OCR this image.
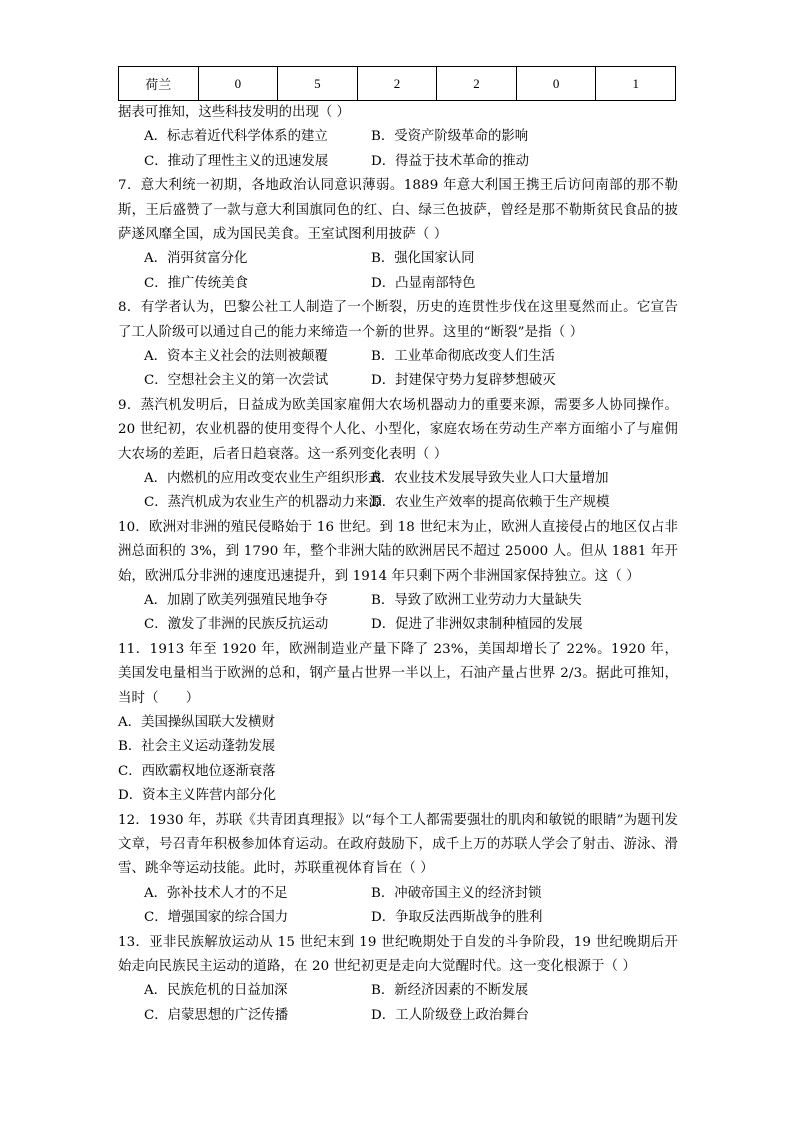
荷兰	0	5	2	2	0	1
据表可推知，这些科技发明的出现（ ）
A．标志着近代科学体系的建立	B．受资产阶级革命的影响
C．推动了理性主义的迅速发展	D．得益于技术革命的推动
7．意大利统一初期，各地政治认同意识薄弱。1889 年意大利国王携王后访问南部的那不勒斯，王后盛赞了一款与意大利国旗同色的红、白、绿三色披萨，曾经是那不勒斯贫民食品的披萨遂风靡全国，成为国民美食。王室试图利用披萨（ ）
A．消弭贫富分化	B．强化国家认同
C．推广传统美食	D．凸显南部特色
8．有学者认为，巴黎公社工人制造了一个断裂，历史的连贯性步伐在这里戛然而止。它宣告了工人阶级可以通过自己的能力来缔造一个新的世界。这里的“断裂”是指（ ）
A．资本主义社会的法则被颠覆	B．工业革命彻底改变人们生活
C．空想社会主义的第一次尝试	D．封建保守势力复辟梦想破灭
9．蒸汽机发明后，日益成为欧美国家雇佣大农场机器动力的重要来源，需要多人协同操作。20 世纪初，农业机器的使用变得个人化、小型化，家庭农场在劳动生产率方面缩小了与雇佣大农场的差距，后者日趋衰落。这一系列变化表明（ ）
A．内燃机的应用改变农业生产组织形式
B．农业技术发展导致失业人口大量增加
C．蒸汽机成为农业生产的机器动力来源
D．农业生产效率的提高依赖于生产规模
10．欧洲对非洲的殖民侵略始于 16 世纪。到 18 世纪末为止，欧洲人直接侵占的地区仅占非洲总面积的 3%，到 1790 年，整个非洲大陆的欧洲居民不超过 25000 人。但从 1881 年开始，欧洲瓜分非洲的速度迅速提升，到 1914 年只剩下两个非洲国家保持独立。这（ ）
A．加剧了欧美列强殖民地争夺	B．导致了欧洲工业劳动力大量缺失
C．激发了非洲的民族反抗运动	D．促进了非洲奴隶制种植园的发展
11．1913 年至 1920 年，欧洲制造业产量下降了 23%，美国却增长了 22%。1920 年，美国发电量相当于欧洲的总和，钢产量占世界一半以上，石油产量占世界 2/3。据此可推知，当时（　　）
A．美国操纵国联大发横财
B．社会主义运动蓬勃发展
C．西欧霸权地位逐渐衰落
D．资本主义阵营内部分化
12．1930 年，苏联《共青团真理报》以“每个工人都需要强壮的肌肉和敏锐的眼睛”为题刊发文章，号召青年积极参加体育运动。在政府鼓励下，成千上万的苏联人学会了射击、游泳、滑雪、跳伞等运动技能。此时，苏联重视体育旨在（ ）
A．弥补技术人才的不足	B．冲破帝国主义的经济封锁
C．增强国家的综合国力	D．争取反法西斯战争的胜利
13．亚非民族解放运动从 15 世纪末到 19 世纪晚期处于自发的斗争阶段，19 世纪晚期后开始走向民族民主运动的道路，在 20 世纪初更是走向大觉醒时代。这一变化根源于（ ）
A．民族危机的日益加深	B．新经济因素的不断发展
C．启蒙思想的广泛传播	D．工人阶级登上政治舞台
